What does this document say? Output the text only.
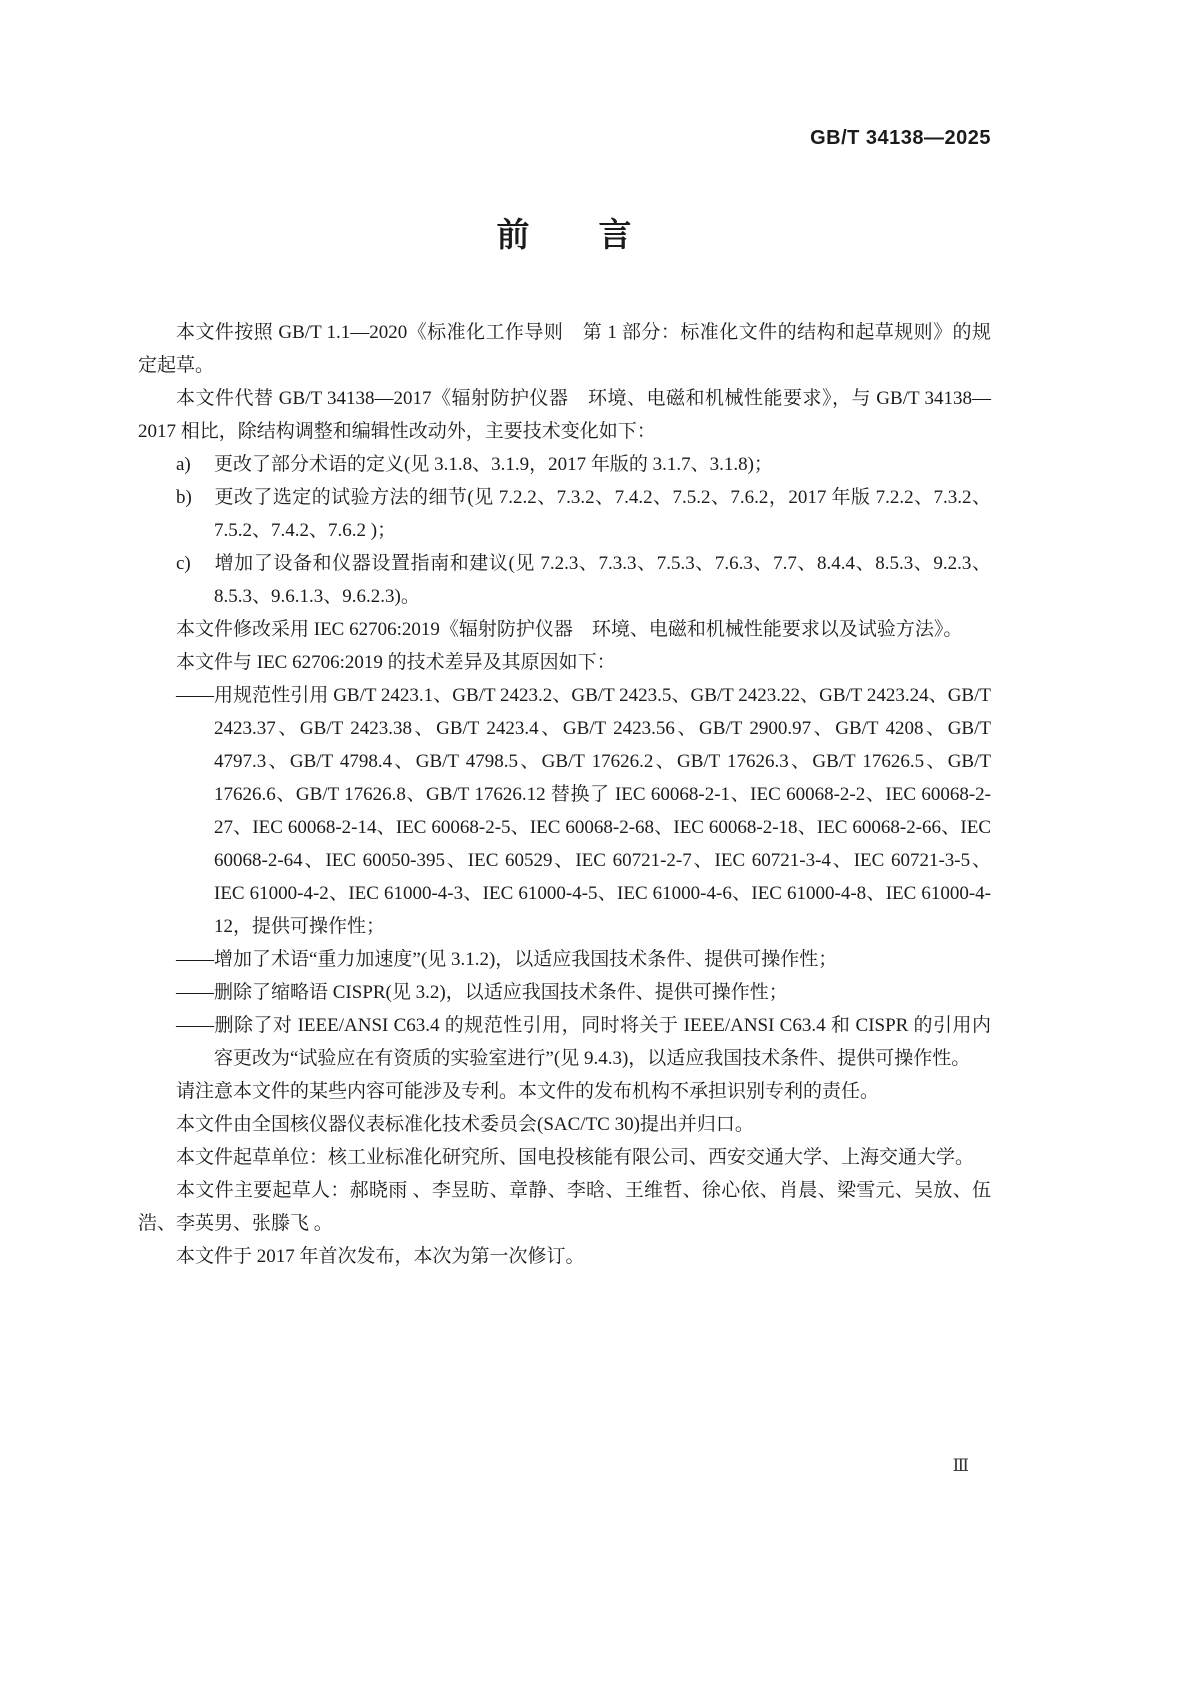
GB/T 34138—2025
前　　言

本文件按照 GB/T 1.1—2020《标准化工作导则　第 1 部分：标准化文件的结构和起草规则》的规定起草。

本文件代替 GB/T 34138—2017《辐射防护仪器　环境、电磁和机械性能要求》，与 GB/T 34138—2017 相比，除结构调整和编辑性改动外，主要技术变化如下：

a) 更改了部分术语的定义(见 3.1.8、3.1.9，2017 年版的 3.1.7、3.1.8)；

b) 更改了选定的试验方法的细节(见 7.2.2、7.3.2、7.4.2、7.5.2、7.6.2，2017 年版 7.2.2、7.3.2、7.5.2、7.4.2、7.6.2 )；

c) 增加了设备和仪器设置指南和建议(见 7.2.3、7.3.3、7.5.3、7.6.3、7.7、8.4.4、8.5.3、9.2.3、8.5.3、9.6.1.3、9.6.2.3)。

本文件修改采用 IEC 62706:2019《辐射防护仪器　环境、电磁和机械性能要求以及试验方法》。

本文件与 IEC 62706:2019 的技术差异及其原因如下：

——用规范性引用 GB/T 2423.1、GB/T 2423.2、GB/T 2423.5、GB/T 2423.22、GB/T 2423.24、GB/T 2423.37、GB/T 2423.38、GB/T 2423.4、GB/T 2423.56、GB/T 2900.97、GB/T 4208、GB/T 4797.3、GB/T 4798.4、GB/T 4798.5、GB/T 17626.2、GB/T 17626.3、GB/T 17626.5、GB/T 17626.6、GB/T 17626.8、GB/T 17626.12 替换了 IEC 60068-2-1、IEC 60068-2-2、IEC 60068-2-27、IEC 60068-2-14、IEC 60068-2-5、IEC 60068-2-68、IEC 60068-2-18、IEC 60068-2-66、IEC 60068-2-64、IEC 60050-395、IEC 60529、IEC 60721-2-7、IEC 60721-3-4、IEC 60721-3-5、IEC 61000-4-2、IEC 61000-4-3、IEC 61000-4-5、IEC 61000-4-6、IEC 61000-4-8、IEC 61000-4-12，提供可操作性；

——增加了术语“重力加速度”(见 3.1.2)，以适应我国技术条件、提供可操作性；

——删除了缩略语 CISPR(见 3.2)，以适应我国技术条件、提供可操作性；

——删除了对 IEEE/ANSI C63.4 的规范性引用，同时将关于 IEEE/ANSI C63.4 和 CISPR 的引用内容更改为“试验应在有资质的实验室进行”(见 9.4.3)，以适应我国技术条件、提供可操作性。

请注意本文件的某些内容可能涉及专利。本文件的发布机构不承担识别专利的责任。

本文件由全国核仪器仪表标准化技术委员会(SAC/TC 30)提出并归口。

本文件起草单位：核工业标准化研究所、国电投核能有限公司、西安交通大学、上海交通大学。

本文件主要起草人：郝晓雨 、李昱昉、章静、李晗、王维哲、徐心依、肖晨、梁雪元、吴放、伍浩、李英男、张滕飞 。

本文件于 2017 年首次发布，本次为第一次修订。

Ⅲ
